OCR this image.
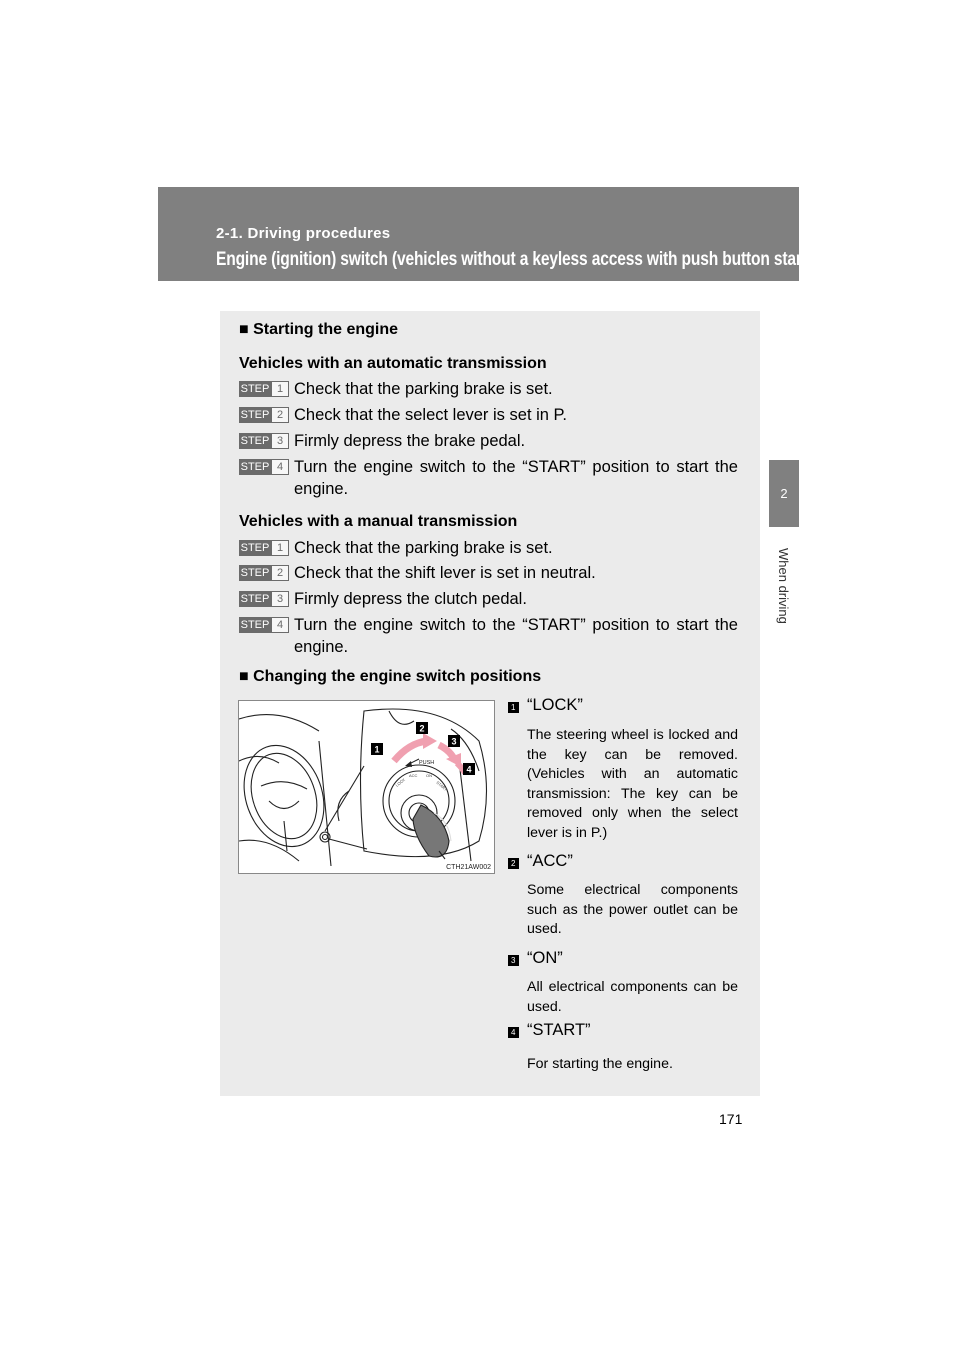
2-1. Driving procedures
Engine (ignition) switch (vehicles without a keyless access with push button start system)
2
When driving
■ Starting the engine
Vehicles with an automatic transmission
STEP 1 Check that the parking brake is set.
STEP 2 Check that the select lever is set in P.
STEP 3 Firmly depress the brake pedal.
STEP 4 Turn the engine switch to the “START” position to start the engine.
Vehicles with a manual transmission
STEP 1 Check that the parking brake is set.
STEP 2 Check that the shift lever is set in neutral.
STEP 3 Firmly depress the clutch pedal.
STEP 4 Turn the engine switch to the “START” position to start the engine.
■ Changing the engine switch positions
PUSH
LOCK
ACC ON
START
1
2
3
4
CTH21AW002
1 “LOCK”
The steering wheel is locked and the key can be removed. (Vehicles with an automatic transmission: The key can be removed only when the select lever is in P.)
2 “ACC”
Some electrical components such as the power outlet can be used.
3 “ON”
All electrical components can be used.
4 “START”
For starting the engine.
171
